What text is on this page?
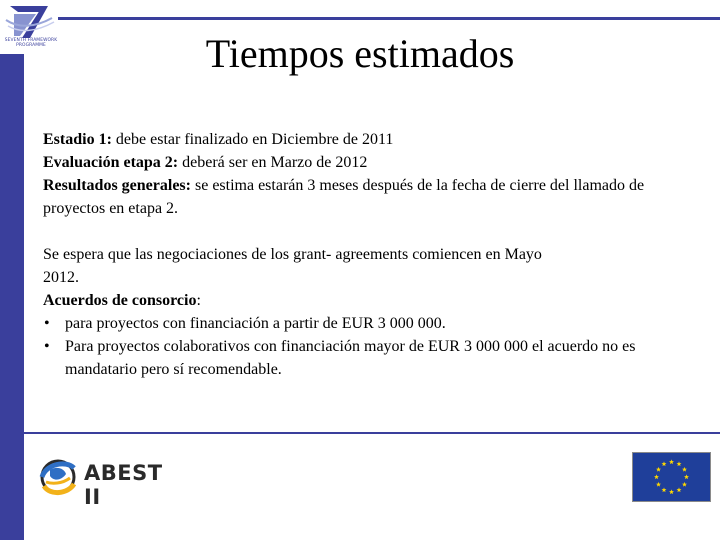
SEVENTH FRAMEWORK PROGRAMME	Tiempos estimados

Estadio 1: debe estar finalizado en Diciembre de 2011

Evaluación etapa 2: deberá ser en Marzo de 2012

Resultados generales: se estima estarán 3 meses después de la fecha de cierre del llamado de proyectos en etapa 2.

Se espera que las negociaciones de los grant- agreements comiencen en Mayo

2012.

Acuerdos de consorcio:

• para proyectos con financiación a partir de EUR 3 000 000.
• Para proyectos colaborativos con financiación mayor de EUR 3 000 000 el acuerdo no es mandatario pero sí recomendable.
ABEST II
